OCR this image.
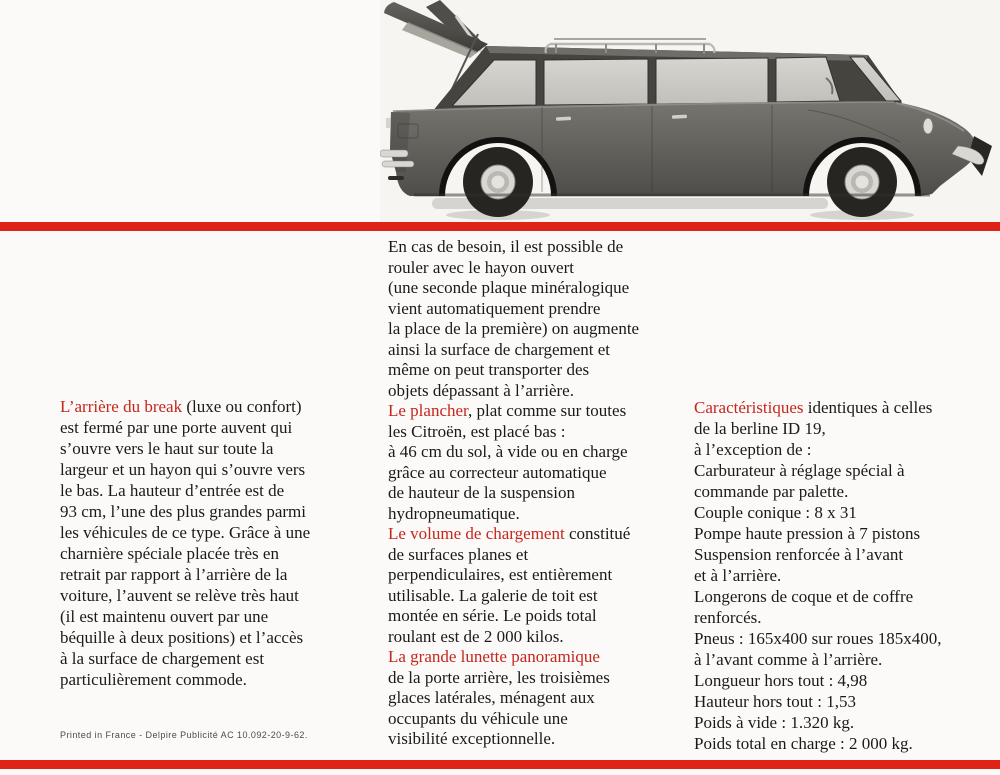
L’arrière du break (luxe ou confort)
est fermé par une porte auvent qui
s’ouvre vers le haut sur toute la
largeur et un hayon qui s’ouvre vers
le bas. La hauteur d’entrée est de
93 cm, l’une des plus grandes parmi
les véhicules de ce type. Grâce à une
charnière spéciale placée très en
retrait par rapport à l’arrière de la
voiture, l’auvent se relève très haut
(il est maintenu ouvert par une
béquille à deux positions) et l’accès
à la surface de chargement est
particulièrement commode.
En cas de besoin, il est possible de
rouler avec le hayon ouvert
(une seconde plaque minéralogique
vient automatiquement prendre
la place de la première) on augmente
ainsi la surface de chargement et
même on peut transporter des
objets dépassant à l’arrière.
Le plancher, plat comme sur toutes
les Citroën, est placé bas :
à 46 cm du sol, à vide ou en charge
grâce au correcteur automatique
de hauteur de la suspension
hydropneumatique.
Le volume de chargement constitué
de surfaces planes et
perpendiculaires, est entièrement
utilisable. La galerie de toit est
montée en série. Le poids total
roulant est de 2 000 kilos.
La grande lunette panoramique
de la porte arrière, les troisièmes
glaces latérales, ménagent aux
occupants du véhicule une
visibilité exceptionnelle.
Caractéristiques identiques à celles
de la berline ID 19,
à l’exception de :
Carburateur à réglage spécial à
commande par palette.
Couple conique : 8 x 31
Pompe haute pression à 7 pistons
Suspension renforcée à l’avant
et à l’arrière.
Longerons de coque et de coffre
renforcés.
Pneus : 165x400 sur roues 185x400,
à l’avant comme à l’arrière.
Longueur hors tout : 4,98
Hauteur hors tout : 1,53
Poids à vide : 1.320 kg.
Poids total en charge : 2 000 kg.
Printed in France - Delpire Publicité AC 10.092-20-9-62.
